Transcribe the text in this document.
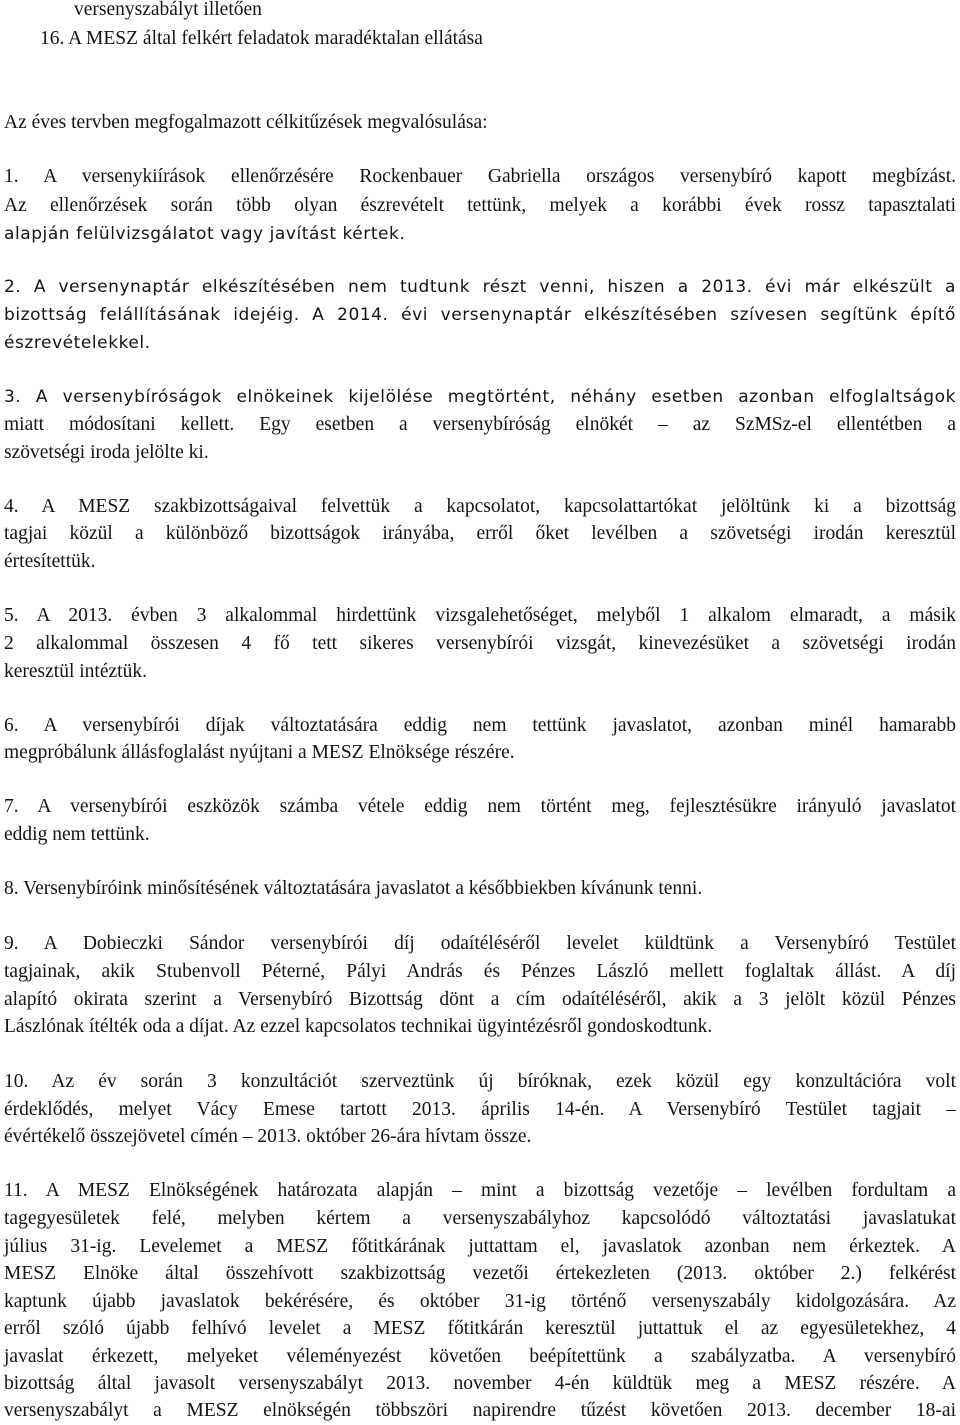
versenyszabályt illetően
16. A MESZ által felkért feladatok maradéktalan ellátása
Az éves tervben megfogalmazott célkitűzések megvalósulása:
1. A versenykiírások ellenőrzésére Rockenbauer Gabriella országos versenybíró kapott megbízást.
Az ellenőrzések során több olyan észrevételt tettünk, melyek a korábbi évek rossz tapasztalati
alapján felülvizsgálatot vagy javítást kértek.
2. A versenynaptár elkészítésében nem tudtunk részt venni, hiszen a 2013. évi már elkészült a
bizottság felállításának idejéig. A 2014. évi versenynaptár elkészítésében szívesen segítünk építő
észrevételekkel.
3. A versenybíróságok elnökeinek kijelölése megtörtént, néhány esetben azonban elfoglaltságok
miatt módosítani kellett. Egy esetben a versenybíróság elnökét – az SzMSz-el ellentétben a
szövetségi iroda jelölte ki.
4. A MESZ szakbizottságaival felvettük a kapcsolatot, kapcsolattartókat jelöltünk ki a bizottság
tagjai közül a különböző bizottságok irányába, erről őket levélben a szövetségi irodán keresztül
értesítettük.
5. A 2013. évben 3 alkalommal hirdettünk vizsgalehetőséget, melyből 1 alkalom elmaradt, a másik
2 alkalommal összesen 4 fő tett sikeres versenybírói vizsgát, kinevezésüket a szövetségi irodán
keresztül intéztük.
6. A versenybírói díjak változtatására eddig nem tettünk javaslatot, azonban minél hamarabb
megpróbálunk állásfoglalást nyújtani a MESZ Elnöksége részére.
7. A versenybírói eszközök számba vétele eddig nem történt meg, fejlesztésükre irányuló javaslatot
eddig nem tettünk.
8. Versenybíróink minősítésének változtatására javaslatot a későbbiekben kívánunk tenni.
9. A Dobieczki Sándor versenybírói díj odaítéléséről levelet küldtünk a Versenybíró Testület
tagjainak, akik Stubenvoll Péterné, Pályi András és Pénzes László mellett foglaltak állást. A díj
alapító okirata szerint a Versenybíró Bizottság dönt a cím odaítéléséről, akik a 3 jelölt közül Pénzes
Lászlónak ítélték oda a díjat. Az ezzel kapcsolatos technikai ügyintézésről gondoskodtunk.
10. Az év során 3 konzultációt szerveztünk új bíróknak, ezek közül egy konzultációra volt
érdeklődés, melyet Vácy Emese tartott 2013. április 14-én. A Versenybíró Testület tagjait –
évértékelő összejövetel címén – 2013. október 26-ára hívtam össze.
11. A MESZ Elnökségének határozata alapján – mint a bizottság vezetője – levélben fordultam a
tagegyesületek felé, melyben kértem a versenyszabályhoz kapcsolódó változtatási javaslatukat
július 31-ig. Levelemet a MESZ főtitkárának juttattam el, javaslatok azonban nem érkeztek. A
MESZ Elnöke által összehívott szakbizottság vezetői értekezleten (2013. október 2.) felkérést
kaptunk újabb javaslatok bekérésére, és október 31-ig történő versenyszabály kidolgozására. Az
erről szóló újabb felhívó levelet a MESZ főtitkárán keresztül juttattuk el az egyesületekhez, 4
javaslat érkezett, melyeket véleményezést követően beépítettünk a szabályzatba. A versenybíró
bizottság által javasolt versenyszabályt 2013. november 4-én küldtük meg a MESZ részére. A
versenyszabályt a MESZ elnökségén többszöri napirendre tűzést követően 2013. december 18-ai
